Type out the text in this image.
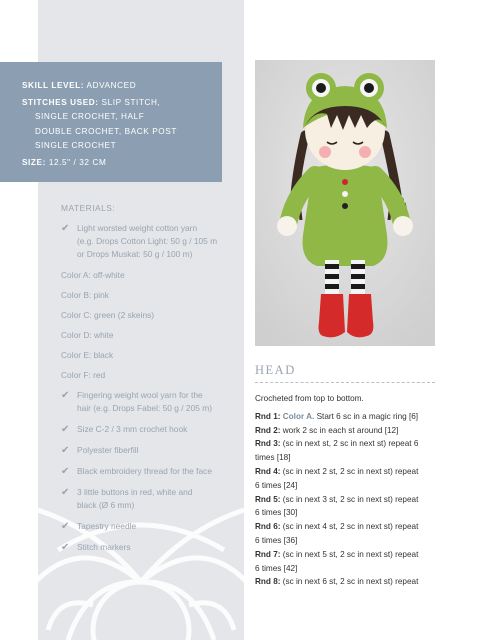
SKILL LEVEL: ADVANCED
STITCHES USED: SLIP STITCH,
SINGLE CROCHET, HALF
DOUBLE CROCHET, BACK POST
SINGLE CROCHET
SIZE: 12.5" / 32 CM
MATERIALS:
✔ Light worsted weight cotton yarn
(e.g. Drops Cotton Light: 50 g / 105 m
or Drops Muskat: 50 g / 100 m)
Color A: off-white
Color B: pink
Color C: green (2 skeins)
Color D: white
Color E: black
Color F: red
✔ Fingering weight wool yarn for the
hair (e.g. Drops Fabel: 50 g / 205 m)
✔ Size C-2 / 3 mm crochet hook
✔ Polyester fiberfill
✔ Black embroidery thread for the face
✔ 3 little buttons in red, white and
black (Ø 6 mm)
✔ Tapestry needle
✔ Stitch markers
HEAD

Crocheted from top to bottom.

Rnd 1: Color A. Start 6 sc in a magic ring [6]

Rnd 2: work 2 sc in each st around [12]

Rnd 3: (sc in next st, 2 sc in next st) repeat 6

times [18]

Rnd 4: (sc in next 2 st, 2 sc in next st) repeat

6 times [24]

Rnd 5: (sc in next 3 st, 2 sc in next st) repeat

6 times [30]

Rnd 6: (sc in next 4 st, 2 sc in next st) repeat

6 times [36]

Rnd 7: (sc in next 5 st, 2 sc in next st) repeat

6 times [42]

Rnd 8: (sc in next 6 st, 2 sc in next st) repeat
